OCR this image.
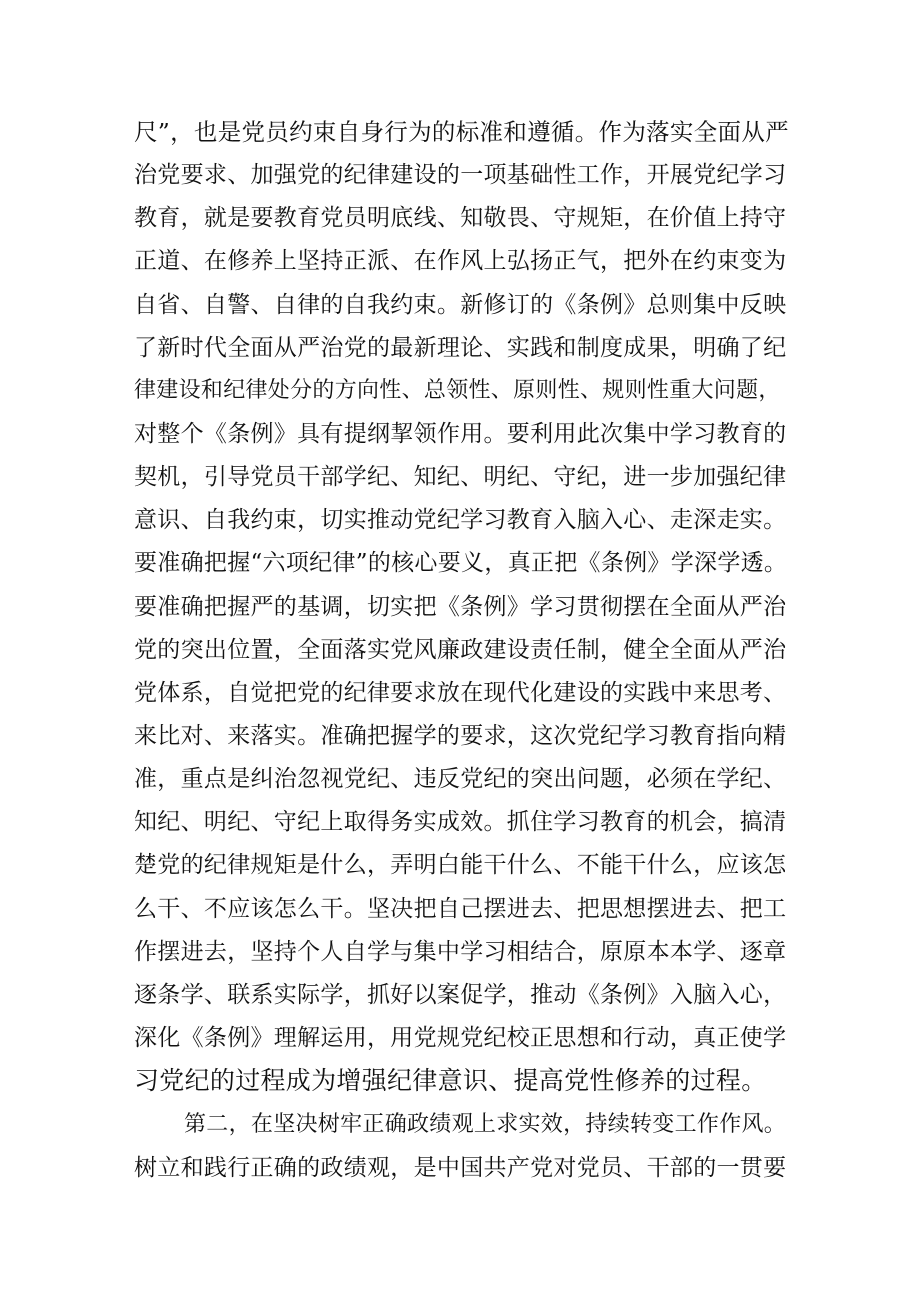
尺”，也是党员约束自身行为的标准和遵循。作为落实全面从严
治党要求、加强党的纪律建设的一项基础性工作，开展党纪学习
教育，就是要教育党员明底线、知敬畏、守规矩，在价值上持守
正道、在修养上坚持正派、在作风上弘扬正气，把外在约束变为
自省、自警、自律的自我约束。新修订的《条例》总则集中反映
了新时代全面从严治党的最新理论、实践和制度成果，明确了纪
律建设和纪律处分的方向性、总领性、原则性、规则性重大问题，
对整个《条例》具有提纲挈领作用。要利用此次集中学习教育的
契机，引导党员干部学纪、知纪、明纪、守纪，进一步加强纪律
意识、自我约束，切实推动党纪学习教育入脑入心、走深走实。
要准确把握“六项纪律”的核心要义，真正把《条例》学深学透。
要准确把握严的基调，切实把《条例》学习贯彻摆在全面从严治
党的突出位置，全面落实党风廉政建设责任制，健全全面从严治
党体系，自觉把党的纪律要求放在现代化建设的实践中来思考、
来比对、来落实。准确把握学的要求，这次党纪学习教育指向精
准，重点是纠治忽视党纪、违反党纪的突出问题，必须在学纪、
知纪、明纪、守纪上取得务实成效。抓住学习教育的机会，搞清
楚党的纪律规矩是什么，弄明白能干什么、不能干什么，应该怎
么干、不应该怎么干。坚决把自己摆进去、把思想摆进去、把工
作摆进去，坚持个人自学与集中学习相结合，原原本本学、逐章
逐条学、联系实际学，抓好以案促学，推动《条例》入脑入心，
深化《条例》理解运用，用党规党纪校正思想和行动，真正使学
习党纪的过程成为增强纪律意识、提高党性修养的过程。
第二，在坚决树牢正确政绩观上求实效，持续转变工作作风。
树立和践行正确的政绩观，是中国共产党对党员、干部的一贯要
